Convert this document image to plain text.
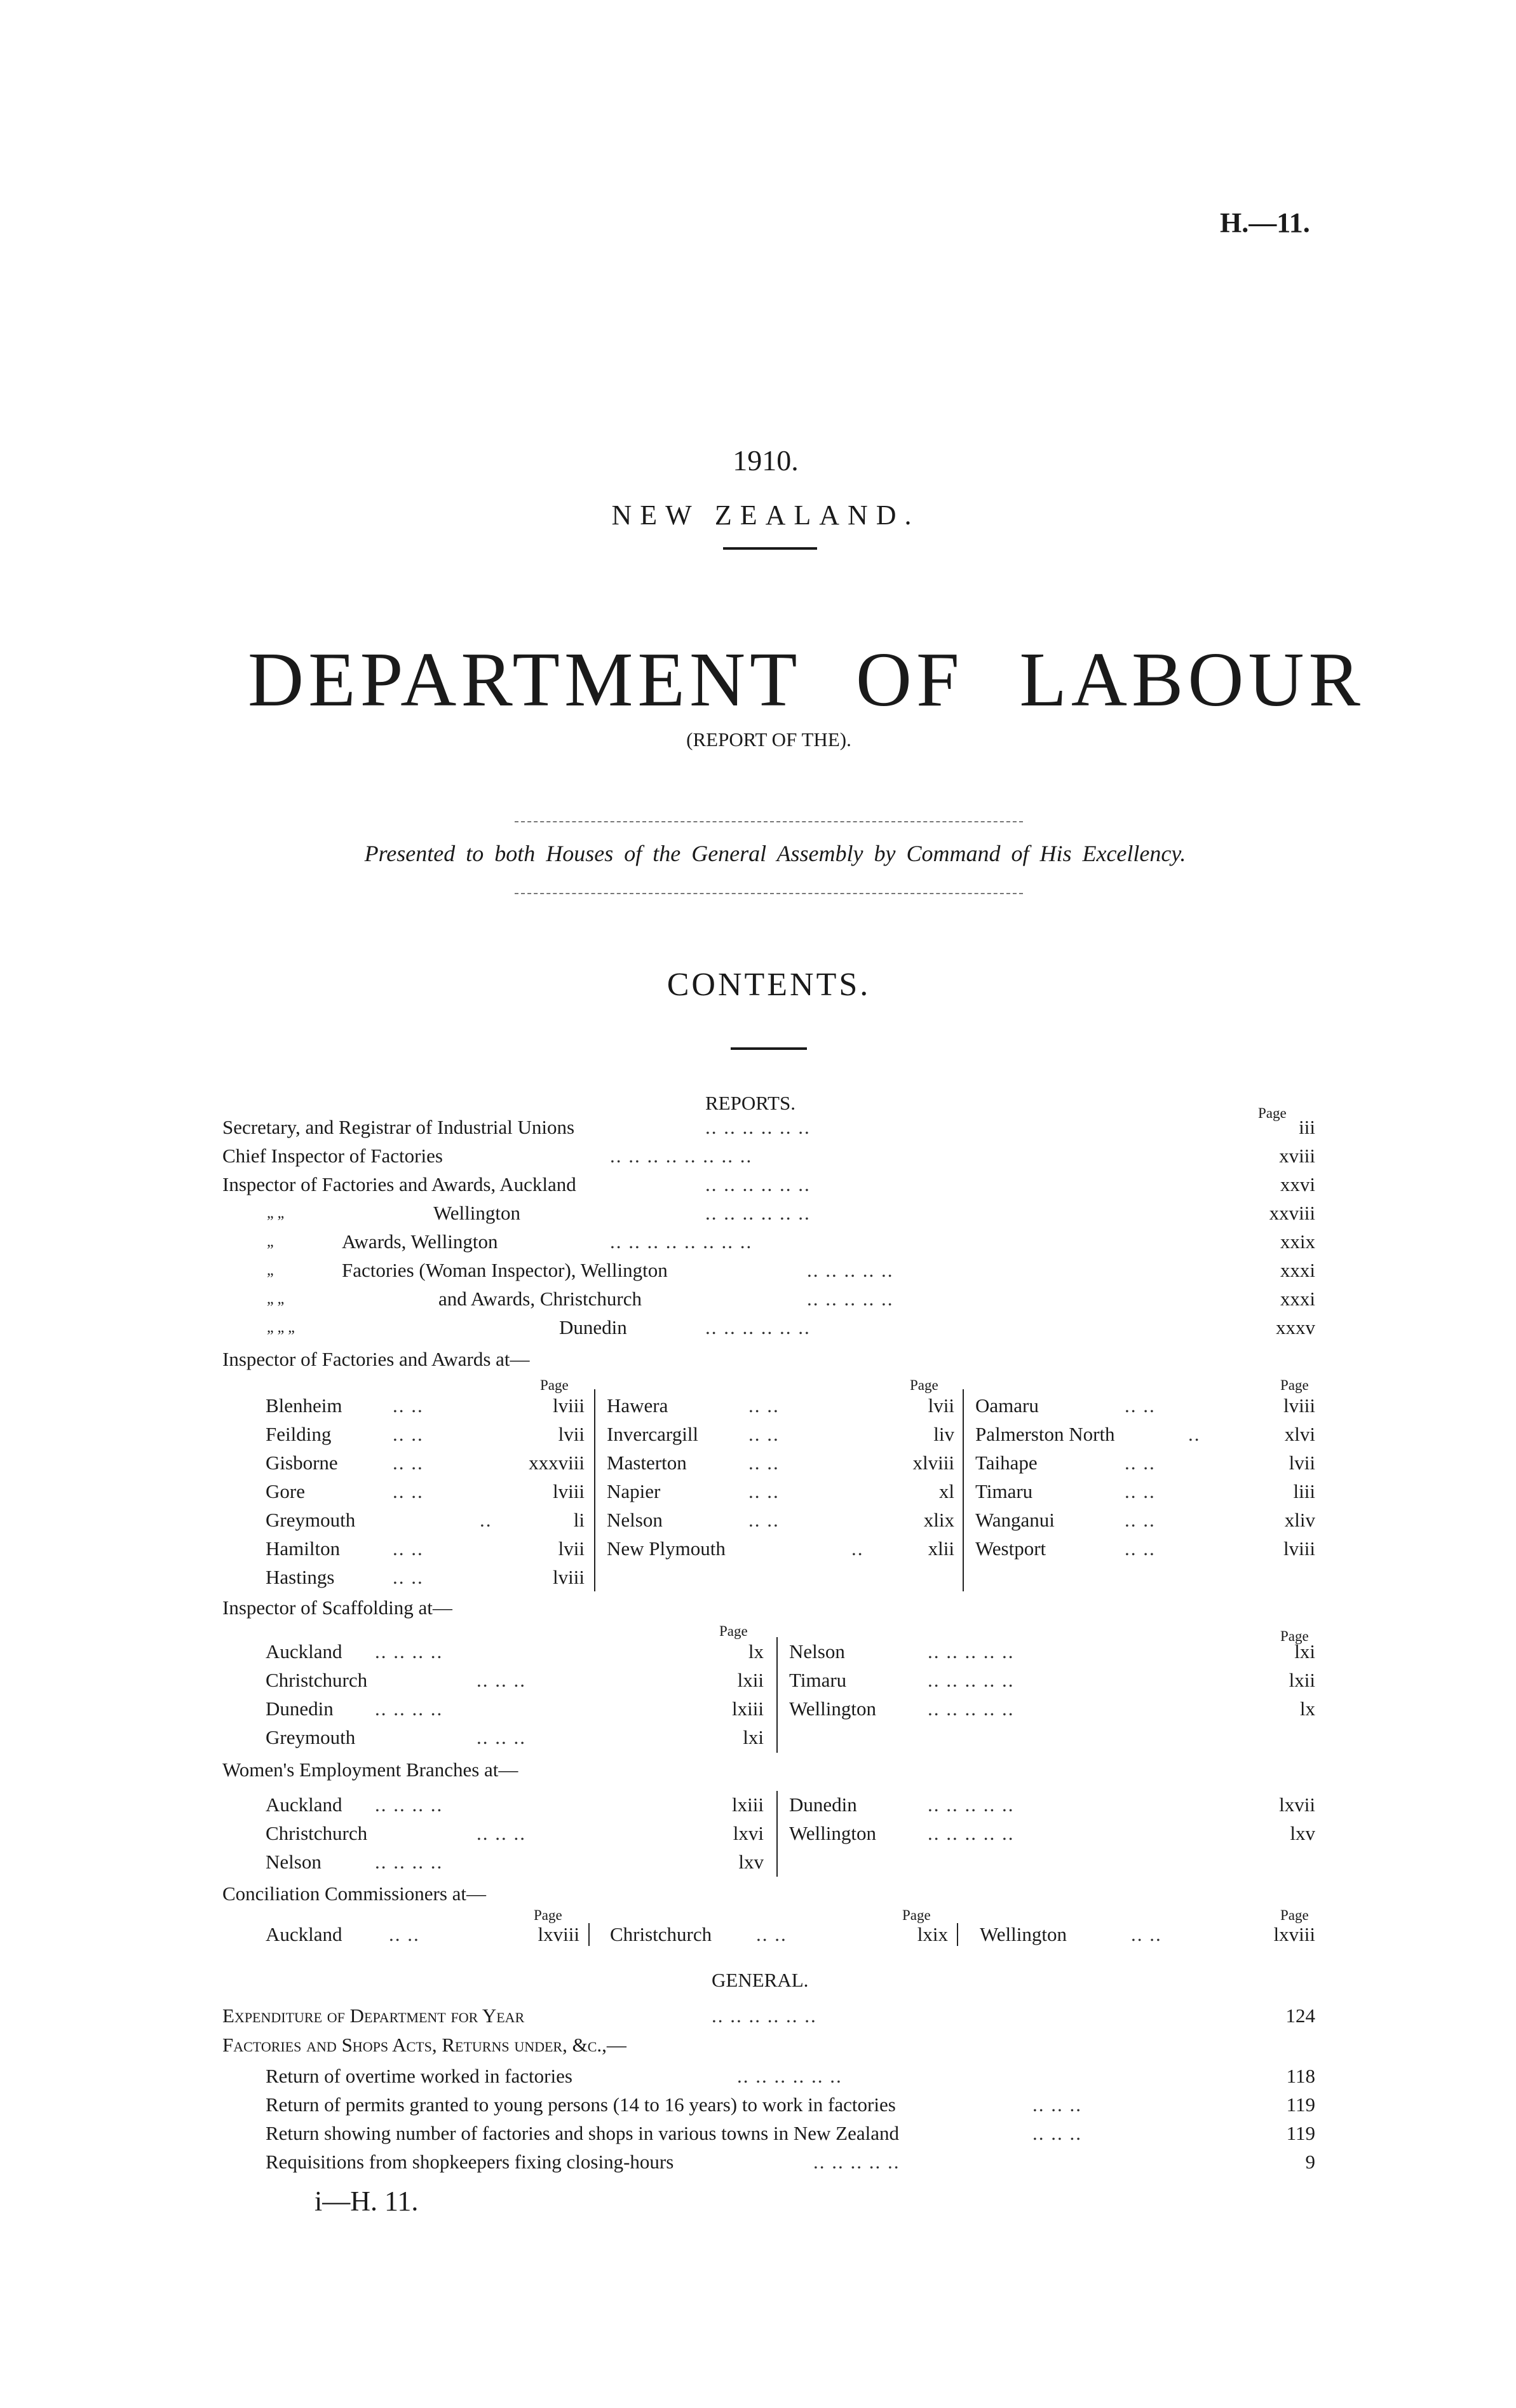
H.—11.
1910.
NEW ZEALAND.
DEPARTMENT OF LABOUR
(REPORT OF THE).
Presented to both Houses of the General Assembly by Command of His Excellency.
CONTENTS.
REPORTS.	Page
Secretary, and Registrar of Industrial Unions	.. .. .. .. .. ..	iii
Chief Inspector of Factories	.. .. .. .. .. .. .. ..	xviii
Inspector of Factories and Awards, Auckland	.. .. .. .. .. ..	xxvi
„ „	Wellington	.. .. .. .. .. ..	xxviii
„	Awards, Wellington	.. .. .. .. .. .. .. ..	xxix
„	Factories (Woman Inspector), Wellington	.. .. .. .. ..	xxxi
„ „	and Awards, Christchurch	.. .. .. .. ..	xxxi
„ „ „	Dunedin	.. .. .. .. .. ..	xxxv
Inspector of Factories and Awards at—
Page	Page	Page
Blenheim	.. ..	lviii Hawera	.. ..	lvii Oamaru	.. ..	lviii
Feilding	.. ..	lvii Invercargill	.. ..	liv Palmerston North	..	xlvi
Gisborne	.. ..	xxxviii Masterton	.. ..	xlviii Taihape	.. ..	lvii
Gore	.. ..	lviii Napier	.. ..	xl Timaru	.. ..	liii
Greymouth	..	li Nelson	.. ..	xlix Wanganui	.. ..	xliv
Hamilton	.. ..	lvii New Plymouth	..	xlii Westport	.. ..	lviii
Hastings	.. ..	lviii
Inspector of Scaffolding at—
Page	Page
Auckland .. .. .. ..	lx Nelson	.. .. .. .. ..	lxi
Christchurch	.. .. ..	lxii Timaru	.. .. .. .. ..	lxii
Dunedin .. .. .. ..	lxiii Wellington	.. .. .. .. ..	lx
Greymouth	.. .. ..	lxi
Women's Employment Branches at—
Auckland .. .. .. ..	lxiii Dunedin	.. .. .. .. ..	lxvii
Christchurch	.. .. ..	lxvi Wellington	.. .. .. .. ..	lxv
Nelson	.. .. .. ..	lxv
Conciliation Commissioners at—
Page	Page	Page
Auckland .. ..	lxviii Christchurch .. ..	lxix Wellington	.. ..	lxviii
GENERAL.
Expenditure of Department for Year	.. .. .. .. .. ..	124
Factories and Shops Acts, Returns under, &c.,—
Return of overtime worked in factories	.. .. .. .. .. ..	118
Return of permits granted to young persons (14 to 16 years) to work in factories	.. .. ..	119
Return showing number of factories and shops in various towns in New Zealand	.. .. ..	119
Requisitions from shopkeepers fixing closing-hours	.. .. .. .. ..	9
i—H. 11.
